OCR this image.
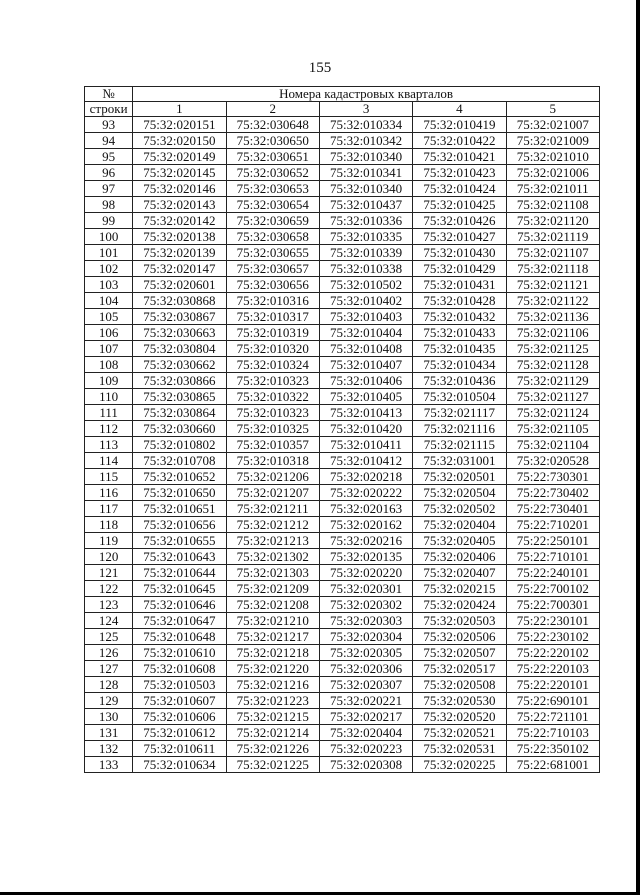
155
№	Номера кадастровых кварталов				
строки	1	2	3	4	5
93	75:32:020151	75:32:030648	75:32:010334	75:32:010419	75:32:021007
94	75:32:020150	75:32:030650	75:32:010342	75:32:010422	75:32:021009
95	75:32:020149	75:32:030651	75:32:010340	75:32:010421	75:32:021010
96	75:32:020145	75:32:030652	75:32:010341	75:32:010423	75:32:021006
97	75:32:020146	75:32:030653	75:32:010340	75:32:010424	75:32:021011
98	75:32:020143	75:32:030654	75:32:010437	75:32:010425	75:32:021108
99	75:32:020142	75:32:030659	75:32:010336	75:32:010426	75:32:021120
100	75:32:020138	75:32:030658	75:32:010335	75:32:010427	75:32:021119
101	75:32:020139	75:32:030655	75:32:010339	75:32:010430	75:32:021107
102	75:32:020147	75:32:030657	75:32:010338	75:32:010429	75:32:021118
103	75:32:020601	75:32:030656	75:32:010502	75:32:010431	75:32:021121
104	75:32:030868	75:32:010316	75:32:010402	75:32:010428	75:32:021122
105	75:32:030867	75:32:010317	75:32:010403	75:32:010432	75:32:021136
106	75:32:030663	75:32:010319	75:32:010404	75:32:010433	75:32:021106
107	75:32:030804	75:32:010320	75:32:010408	75:32:010435	75:32:021125
108	75:32:030662	75:32:010324	75:32:010407	75:32:010434	75:32:021128
109	75:32:030866	75:32:010323	75:32:010406	75:32:010436	75:32:021129
110	75:32:030865	75:32:010322	75:32:010405	75:32:010504	75:32:021127
111	75:32:030864	75:32:010323	75:32:010413	75:32:021117	75:32:021124
112	75:32:030660	75:32:010325	75:32:010420	75:32:021116	75:32:021105
113	75:32:010802	75:32:010357	75:32:010411	75:32:021115	75:32:021104
114	75:32:010708	75:32:010318	75:32:010412	75:32:031001	75:32:020528
115	75:32:010652	75:32:021206	75:32:020218	75:32:020501	75:22:730301
116	75:32:010650	75:32:021207	75:32:020222	75:32:020504	75:22:730402
117	75:32:010651	75:32:021211	75:32:020163	75:32:020502	75:22:730401
118	75:32:010656	75:32:021212	75:32:020162	75:32:020404	75:22:710201
119	75:32:010655	75:32:021213	75:32:020216	75:32:020405	75:22:250101
120	75:32:010643	75:32:021302	75:32:020135	75:32:020406	75:22:710101
121	75:32:010644	75:32:021303	75:32:020220	75:32:020407	75:22:240101
122	75:32:010645	75:32:021209	75:32:020301	75:32:020215	75:22:700102
123	75:32:010646	75:32:021208	75:32:020302	75:32:020424	75:22:700301
124	75:32:010647	75:32:021210	75:32:020303	75:32:020503	75:22:230101
125	75:32:010648	75:32:021217	75:32:020304	75:32:020506	75:22:230102
126	75:32:010610	75:32:021218	75:32:020305	75:32:020507	75:22:220102
127	75:32:010608	75:32:021220	75:32:020306	75:32:020517	75:22:220103
128	75:32:010503	75:32:021216	75:32:020307	75:32:020508	75:22:220101
129	75:32:010607	75:32:021223	75:32:020221	75:32:020530	75:22:690101
130	75:32:010606	75:32:021215	75:32:020217	75:32:020520	75:22:721101
131	75:32:010612	75:32:021214	75:32:020404	75:32:020521	75:22:710103
132	75:32:010611	75:32:021226	75:32:020223	75:32:020531	75:22:350102
133	75:32:010634	75:32:021225	75:32:020308	75:32:020225	75:22:681001
